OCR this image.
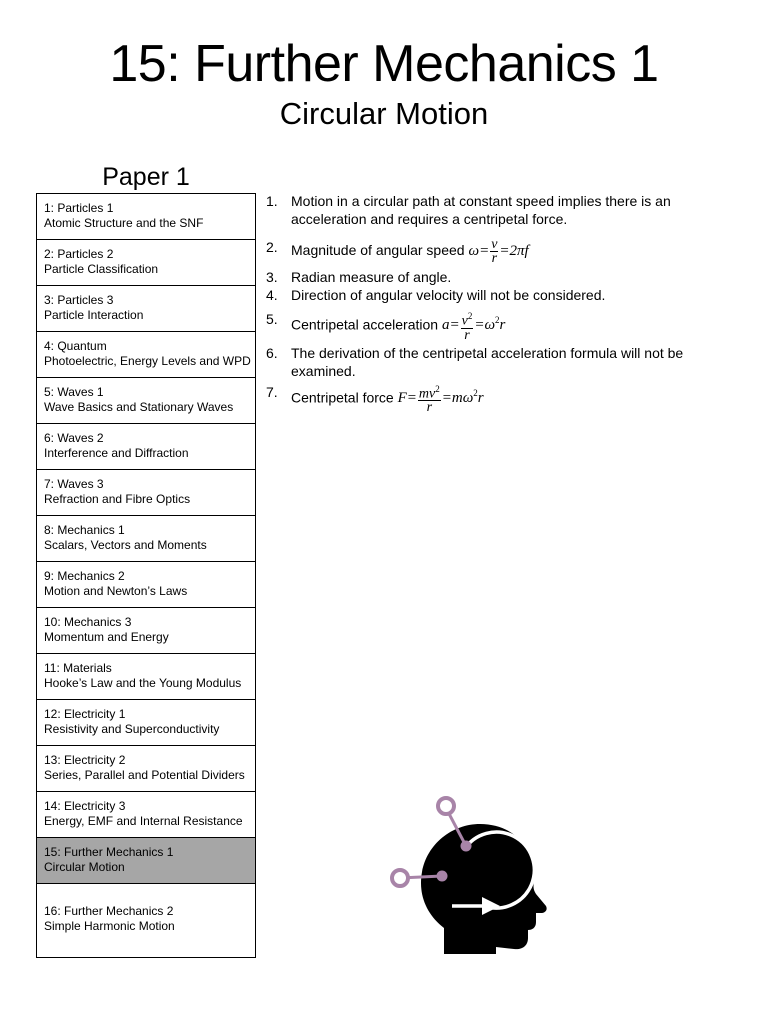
15: Further Mechanics 1
Circular Motion
Paper 1
1: Particles 1
Atomic Structure and the SNF
2: Particles 2
Particle Classification
3: Particles 3
Particle Interaction
4: Quantum
Photoelectric, Energy Levels and WPD
5: Waves 1
Wave Basics and Stationary Waves
6: Waves 2
Interference and Diffraction
7: Waves 3
Refraction and Fibre Optics
8: Mechanics 1
Scalars, Vectors and Moments
9: Mechanics 2
Motion and Newton’s Laws
10: Mechanics 3
Momentum and Energy
11: Materials
Hooke’s Law and the Young Modulus
12: Electricity 1
Resistivity and Superconductivity
13: Electricity 2
Series, Parallel and Potential Dividers
14: Electricity 3
Energy, EMF and Internal Resistance
15: Further Mechanics 1
Circular Motion
16: Further Mechanics 2
Simple Harmonic Motion
1. Motion in a circular path at constant speed implies there is an acceleration and requires a centripetal force.
2. Magnitude of angular speed $\omega= \frac{v}{r} =2\pi f$
3. Radian measure of angle.
4. Direction of angular velocity will not be considered.
5. Centripetal acceleration $a= \frac{v^2}{r} =\omega^2r$
6. The derivation of the centripetal acceleration formula will not be examined.
7. Centripetal force $F= \frac{mv^2}{r} =m\omega^2r$
